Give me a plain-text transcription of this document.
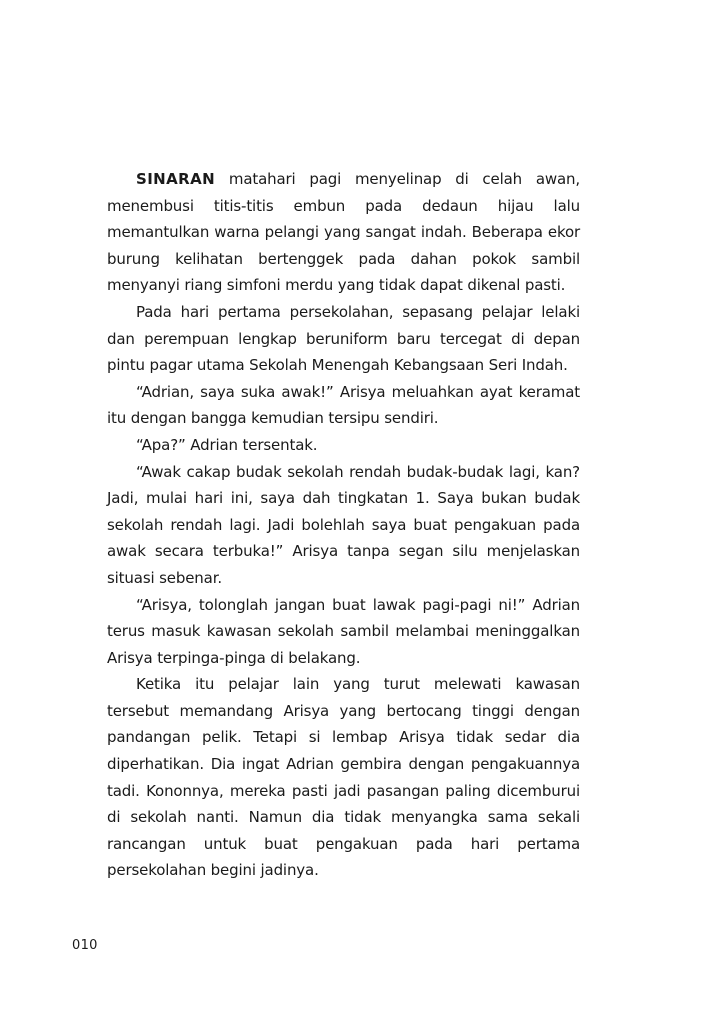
SINARAN matahari pagi menyelinap di celah awan, menembusi titis-titis embun pada dedaun hijau lalu memantulkan warna pelangi yang sangat indah. Beberapa ekor burung kelihatan bertenggek pada dahan pokok sambil menyanyi riang simfoni merdu yang tidak dapat dikenal pasti.

Pada hari pertama persekolahan, sepasang pelajar lelaki dan perempuan lengkap beruniform baru tercegat di depan pintu pagar utama Sekolah Menengah Kebangsaan Seri Indah.

“Adrian, saya suka awak!” Arisya meluahkan ayat keramat itu dengan bangga kemudian tersipu sendiri.

“Apa?” Adrian tersentak.

“Awak cakap budak sekolah rendah budak-budak lagi, kan? Jadi, mulai hari ini, saya dah tingkatan 1. Saya bukan budak sekolah rendah lagi. Jadi bolehlah saya buat pengakuan pada awak secara terbuka!” Arisya tanpa segan silu menjelaskan situasi sebenar.

“Arisya, tolonglah jangan buat lawak pagi-pagi ni!” Adrian terus masuk kawasan sekolah sambil melambai meninggalkan Arisya terpinga-pinga di belakang.

Ketika itu pelajar lain yang turut melewati kawasan tersebut memandang Arisya yang bertocang tinggi dengan pandangan pelik. Tetapi si lembap Arisya tidak sedar dia diperhatikan. Dia ingat Adrian gembira dengan pengakuannya tadi. Kononnya, mereka pasti jadi pasangan paling dicemburui di sekolah nanti. Namun dia tidak menyangka sama sekali rancangan untuk buat pengakuan pada hari pertama persekolahan begini jadinya.

010
